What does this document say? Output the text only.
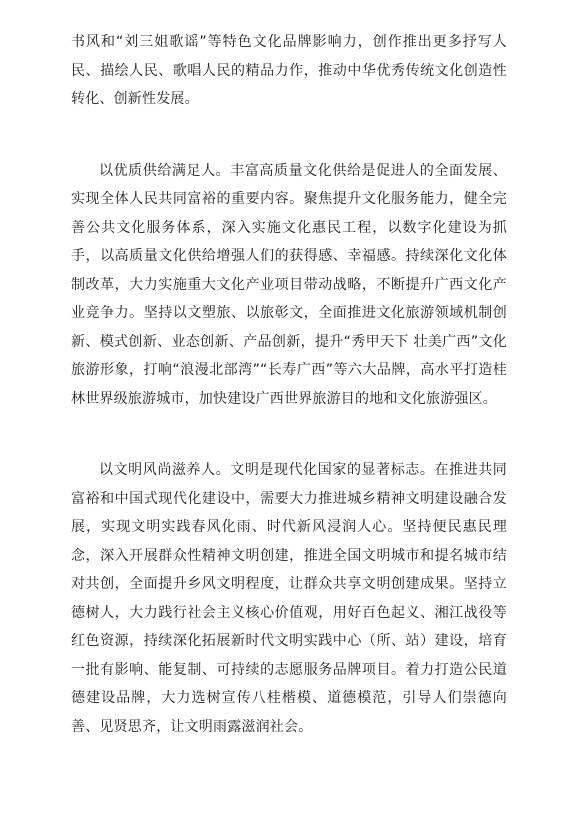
书风和“刘三姐歌谣”等特色文化品牌影响力，创作推出更多抒写人民、描绘人民、歌唱人民的精品力作，推动中华优秀传统文化创造性转化、创新性发展。

以优质供给满足人。丰富高质量文化供给是促进人的全面发展、实现全体人民共同富裕的重要内容。聚焦提升文化服务能力，健全完善公共文化服务体系，深入实施文化惠民工程，以数字化建设为抓手，以高质量文化供给增强人们的获得感、幸福感。持续深化文化体制改革，大力实施重大文化产业项目带动战略，不断提升广西文化产业竞争力。坚持以文塑旅、以旅彰文，全面推进文化旅游领域机制创新、模式创新、业态创新、产品创新，提升“秀甲天下 壮美广西”文化旅游形象，打响“浪漫北部湾”“长寿广西”等六大品牌，高水平打造桂林世界级旅游城市，加快建设广西世界旅游目的地和文化旅游强区。

以文明风尚滋养人。文明是现代化国家的显著标志。在推进共同富裕和中国式现代化建设中，需要大力推进城乡精神文明建设融合发展，实现文明实践春风化雨、时代新风浸润人心。坚持便民惠民理念，深入开展群众性精神文明创建，推进全国文明城市和提名城市结对共创，全面提升乡风文明程度，让群众共享文明创建成果。坚持立德树人，大力践行社会主义核心价值观，用好百色起义、湘江战役等红色资源，持续深化拓展新时代文明实践中心（所、站）建设，培育一批有影响、能复制、可持续的志愿服务品牌项目。着力打造公民道德建设品牌，大力选树宣传八桂楷模、道德模范，引导人们崇德向善、见贤思齐，让文明雨露滋润社会。
